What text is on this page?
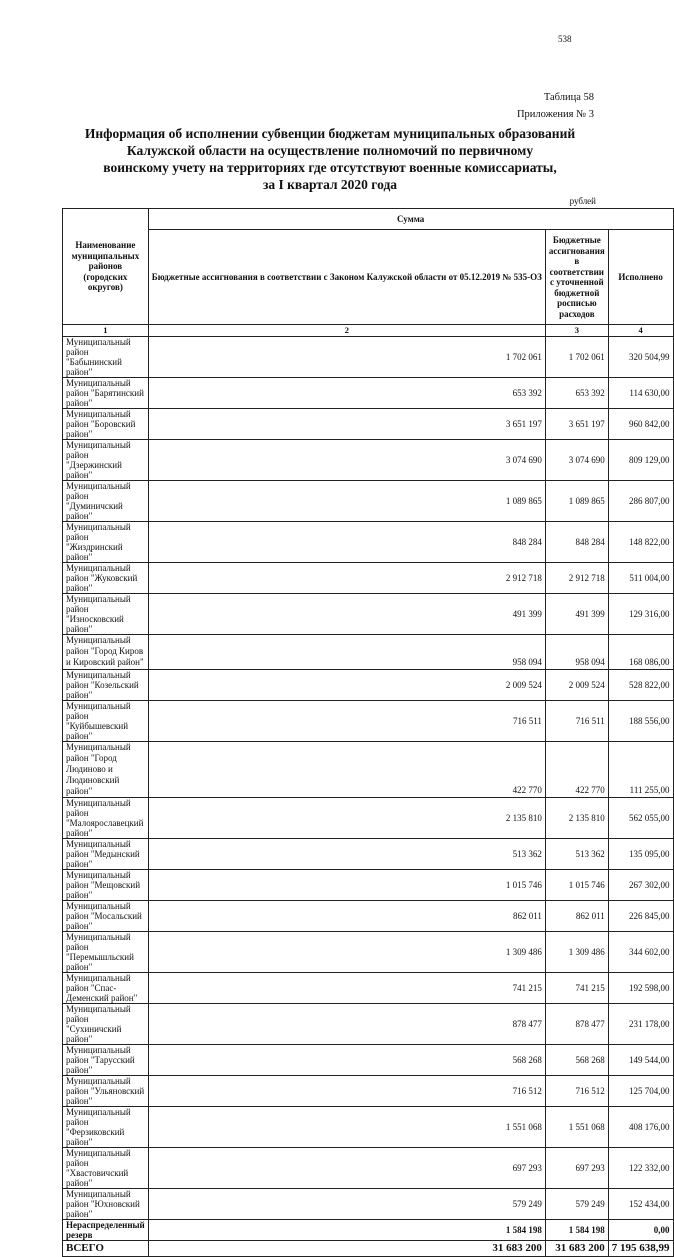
538
Таблица 58
Приложения № 3
Информация об исполнении субвенции бюджетам муниципальных образований
Калужской области на осуществление полномочий по первичному
воинскому учету на территориях где отсутствуют военные комиссариаты,
за I квартал 2020 года
рублей
Наименование муниципальных районов (городских округов)	Сумма		
	Бюджетные ассигнования в соответствии с Законом Калужской области от 05.12.2019 № 535-ОЗ	Бюджетные ассигнования в соответствии с уточненной бюджетной росписью расходов	Исполнено
1	2	3	4
Муниципальный район "Бабынинский район"	1 702 061	1 702 061	320 504,99
Муниципальный район "Барятинский район"	653 392	653 392	114 630,00
Муниципальный район "Боровский район"	3 651 197	3 651 197	960 842,00
Муниципальный район "Дзержинский район"	3 074 690	3 074 690	809 129,00
Муниципальный район "Думиничский район"	1 089 865	1 089 865	286 807,00
Муниципальный район "Жиздринский район"	848 284	848 284	148 822,00
Муниципальный район "Жуковский район"	2 912 718	2 912 718	511 004,00
Муниципальный район "Износковский район"	491 399	491 399	129 316,00
Муниципальный район "Город Киров и Кировский район"	958 094	958 094	168 086,00
Муниципальный район "Козельский район"	2 009 524	2 009 524	528 822,00
Муниципальный район "Куйбышевский район"	716 511	716 511	188 556,00
Муниципальный район "Город Людиново и Людиновский район"	422 770	422 770	111 255,00
Муниципальный район "Малоярославецкий район"	2 135 810	2 135 810	562 055,00
Муниципальный район "Медынский район"	513 362	513 362	135 095,00
Муниципальный район "Мещовский район"	1 015 746	1 015 746	267 302,00
Муниципальный район "Мосальский район"	862 011	862 011	226 845,00
Муниципальный район "Перемышльский район"	1 309 486	1 309 486	344 602,00
Муниципальный район "Спас-Деменский район"	741 215	741 215	192 598,00
Муниципальный район "Сухиничский район"	878 477	878 477	231 178,00
Муниципальный район "Тарусский район"	568 268	568 268	149 544,00
Муниципальный район "Ульяновский район"	716 512	716 512	125 704,00
Муниципальный район "Ферзиковский район"	1 551 068	1 551 068	408 176,00
Муниципальный район "Хвастовичский район"	697 293	697 293	122 332,00
Муниципальный район "Юхновский район"	579 249	579 249	152 434,00
Нераспределенный резерв	1 584 198	1 584 198	0,00
ВСЕГО	31 683 200	31 683 200	7 195 638,99
